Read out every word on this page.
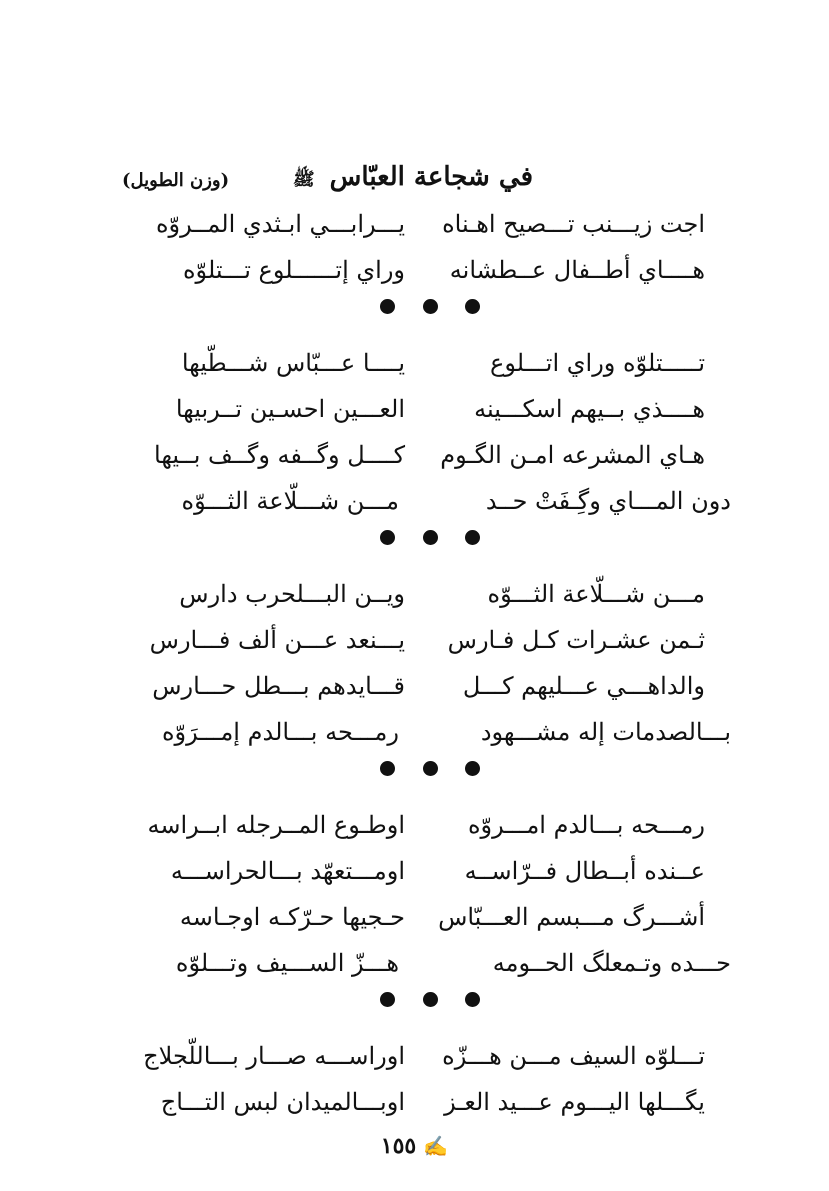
(وزن الطويل)	في شجاعة العبّاس ﷺ
اجت زيـــنب تـــصيح اهـناه
يـــرابـــي ابـثدي المــروّه
هــــاي أطــفال عــطشانه
وراي إتــــــلوع تـــتلوّه
تـــــتلوّه وراي اتـــلوع
يــــا عـــبّاس شـــطّيها
هــــذي بــيهم اسكـــينه
العـــين احسـين تــربيها
هـاي المشرعه امـن الگـوم
كــــل وگــفه وگــف بــيها
دون المـــاي وگِـفَتْ حــد
مـــن شـــلّاعة الثـــوّه
مـــن شـــلّاعة الثـــوّه
ويــن البـــلحرب دارس
ثـمن عشـرات كـل فـارس
يـــنعد عـــن ألف فـــارس
والداهـــي عـــليهم كـــل
قـــايدهم بـــطل حـــارس
بـــالصدمات إله مشـــهود
رمـــحه بـــالدم إمـــرَوّه
رمـــحه بـــالدم امـــروّه
اوطـوع المــرجله ابــراسه
عــنده أبــطال فــرّاســه
اومـــتعهّد بـــالحراســـه
أشـــرگ مـــبسم العـــبّاس
حـجيها حـرّكـه اوجـاسه
حـــده وتـمعلگ الحــومه
هـــزّ الســـيف وتـــلوّه
تـــلوّه السيف مـــن هـــزّه
اوراســـه صـــار بـــاللّجلاج
يگـــلها اليـــوم عـــيد العـز
اوبـــالميدان لبس التـــاج
١٥٥ ✍
